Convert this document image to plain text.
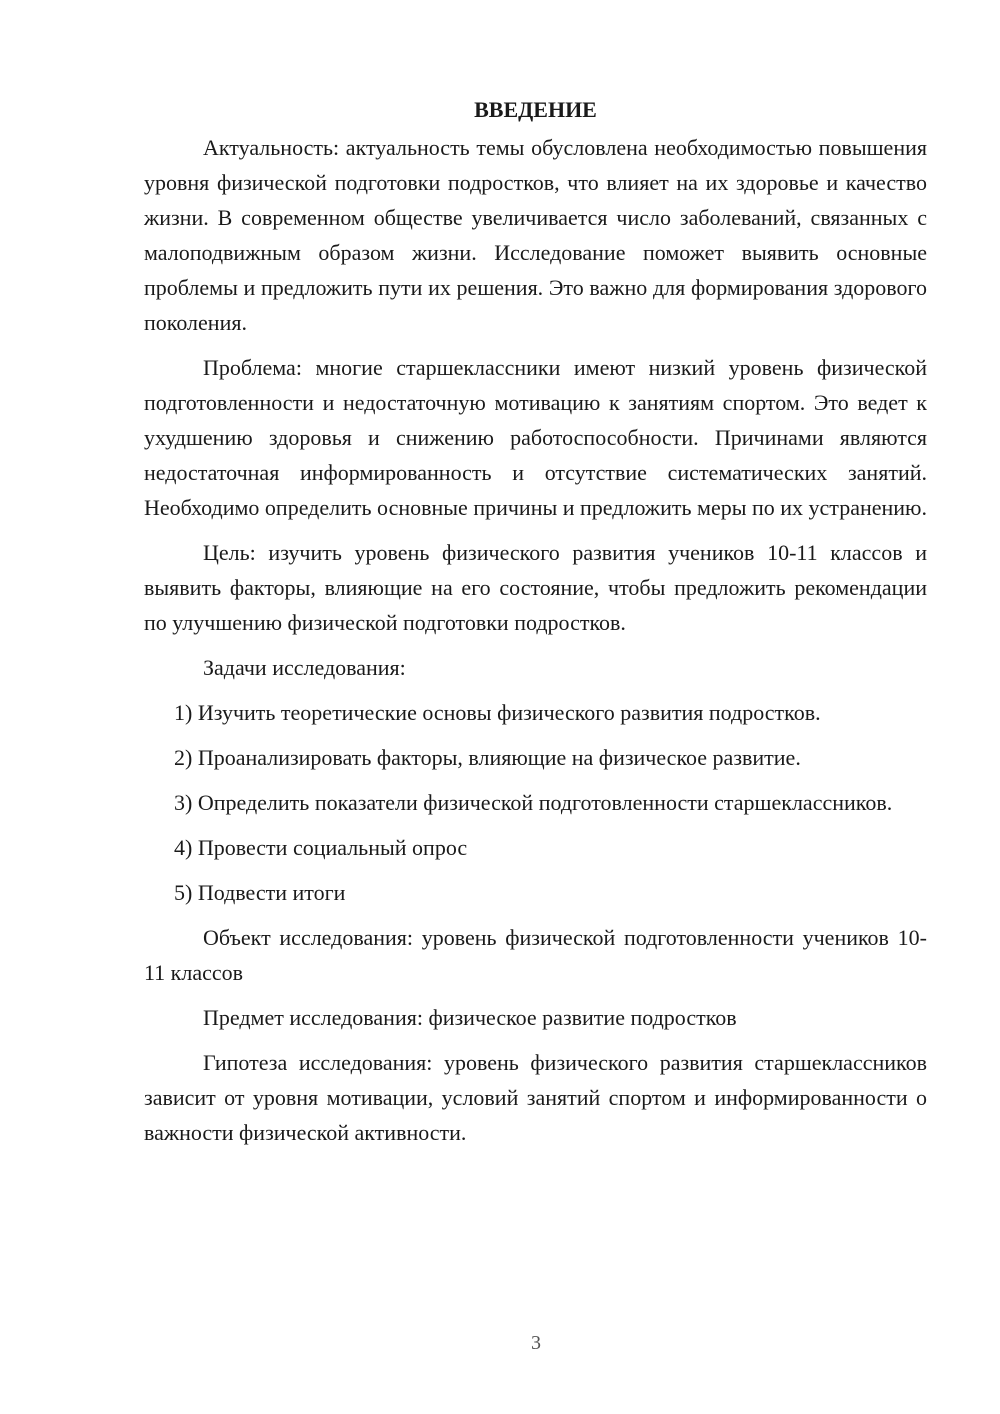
ВВЕДЕНИЕ

Актуальность: актуальность темы обусловлена необходимостью повышения уровня физической подготовки подростков, что влияет на их здоровье и качество жизни. В современном обществе увеличивается число заболеваний, связанных с малоподвижным образом жизни. Исследование поможет выявить основные проблемы и предложить пути их решения. Это важно для формирования здорового поколения.

Проблема: многие старшеклассники имеют низкий уровень физической подготовленности и недостаточную мотивацию к занятиям спортом. Это ведет к ухудшению здоровья и снижению работоспособности. Причинами являются недостаточная информированность и отсутствие систематических занятий. Необходимо определить основные причины и предложить меры по их устранению.

Цель: изучить уровень физического развития учеников 10-11 классов и выявить факторы, влияющие на его состояние, чтобы предложить рекомендации по улучшению физической подготовки подростков.

Задачи исследования:

1) Изучить теоретические основы физического развития подростков.

2) Проанализировать факторы, влияющие на физическое развитие.

3) Определить показатели физической подготовленности старшеклассников.

4) Провести социальный опрос

5) Подвести итоги

Объект исследования: уровень физической подготовленности учеников 10-11 классов

Предмет исследования: физическое развитие подростков

Гипотеза исследования: уровень физического развития старшеклассников зависит от уровня мотивации, условий занятий спортом и информированности о важности физической активности.

3
